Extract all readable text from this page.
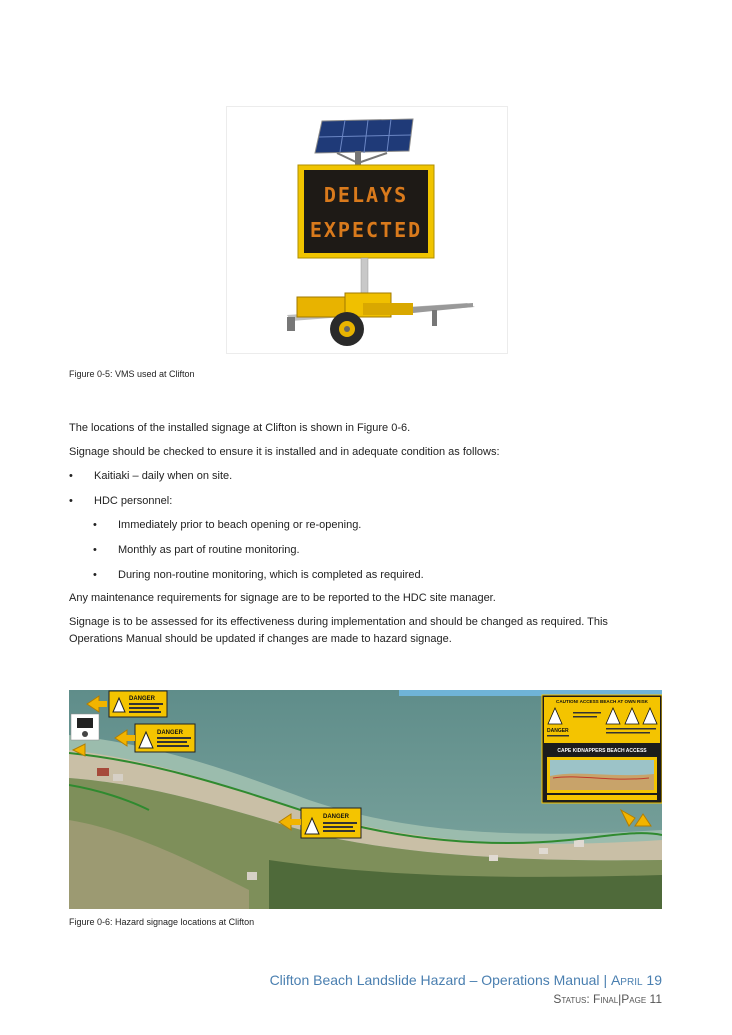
DELAYS
EXPECTED
Figure 0-5: VMS used at Clifton
The locations of the installed signage at Clifton is shown in Figure 0-6.
Signage should be checked to ensure it is installed and in adequate condition as follows:
• Kaitiaki – daily when on site.
• HDC personnel:
• Immediately prior to beach opening or re-opening.
• Monthly as part of routine monitoring.
• During non-routine monitoring, which is completed as required.
Any maintenance requirements for signage are to be reported to the HDC site manager.
Signage is to be assessed for its effectiveness during implementation and should be changed as required. This Operations Manual should be updated if changes are made to hazard signage.
DANGER
DANGER
DANGER
CAUTION! ACCESS BEACH AT OWN RISK
DANGER
CAPE KIDNAPPERS BEACH ACCESS
Figure 0-6: Hazard signage locations at Clifton
Clifton Beach Landslide Hazard – Operations Manual | April 19
Status: Final|Page 11
